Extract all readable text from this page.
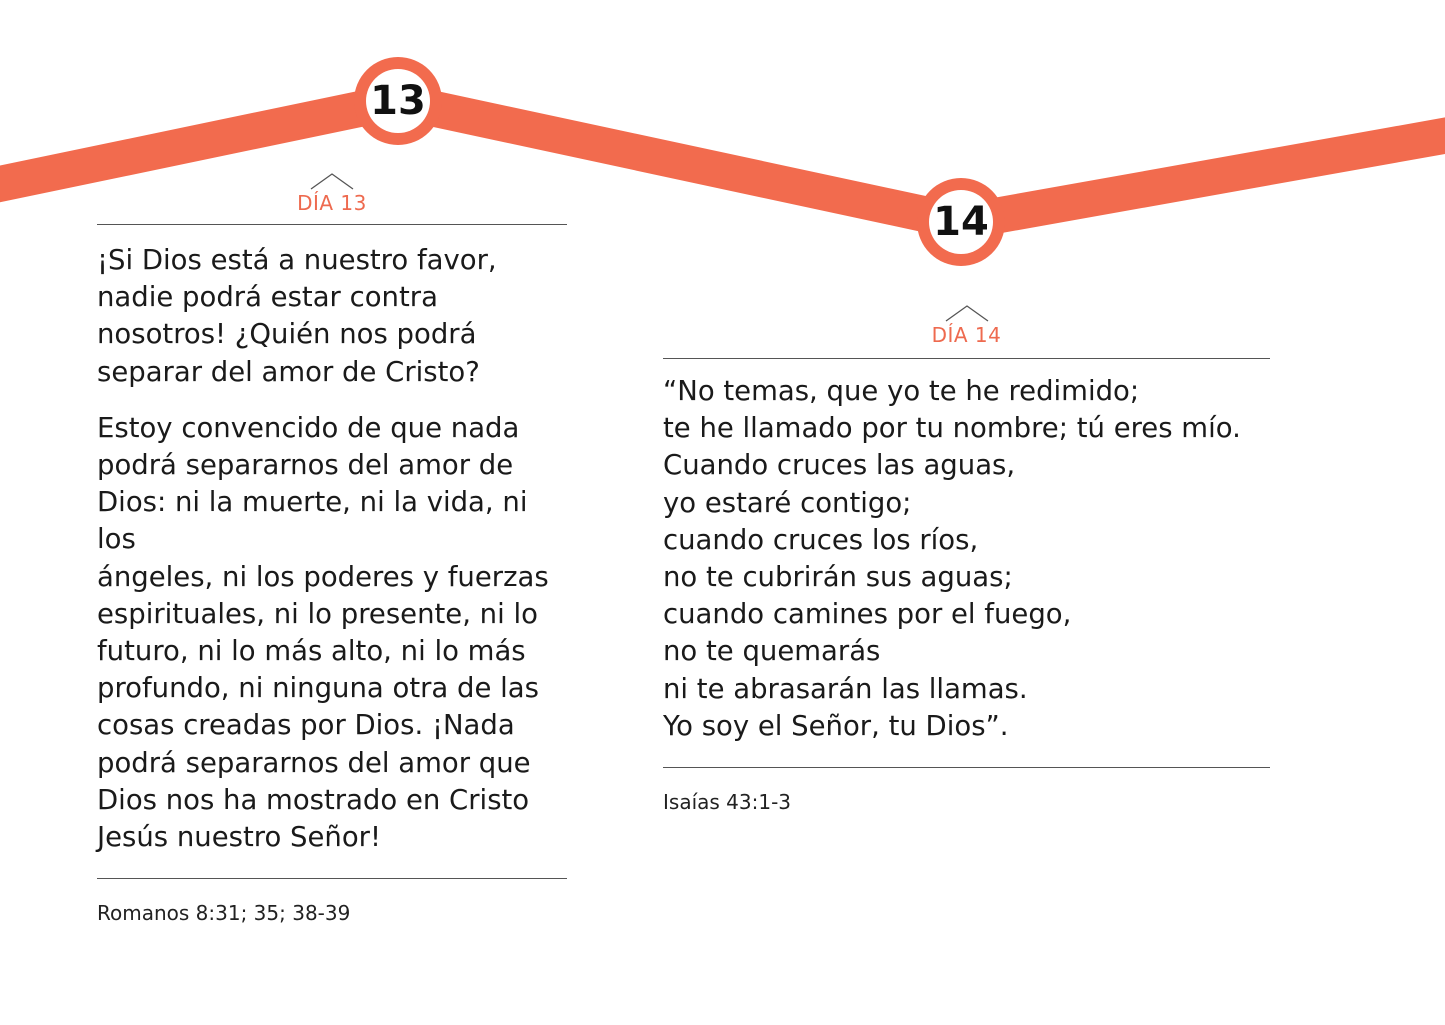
13
14
DÍA 13

¡Si Dios está a nuestro favor,
nadie podrá estar contra
nosotros! ¿Quién nos podrá
separar del amor de Cristo?

Estoy convencido de que nada
podrá separarnos del amor de
Dios: ni la muerte, ni la vida, ni los
ángeles, ni los poderes y fuerzas
espirituales, ni lo presente, ni lo
futuro, ni lo más alto, ni lo más
profundo, ni ninguna otra de las
cosas creadas por Dios. ¡Nada
podrá separarnos del amor que
Dios nos ha mostrado en Cristo
Jesús nuestro Señor!

Romanos 8:31; 35; 38-39
DÍA 14

“No temas, que yo te he redimido;
te he llamado por tu nombre; tú eres mío.
Cuando cruces las aguas,
yo estaré contigo;
cuando cruces los ríos,
no te cubrirán sus aguas;
cuando camines por el fuego,
no te quemarás
ni te abrasarán las llamas.
Yo soy el Señor, tu Dios”.

Isaías 43:1-3
